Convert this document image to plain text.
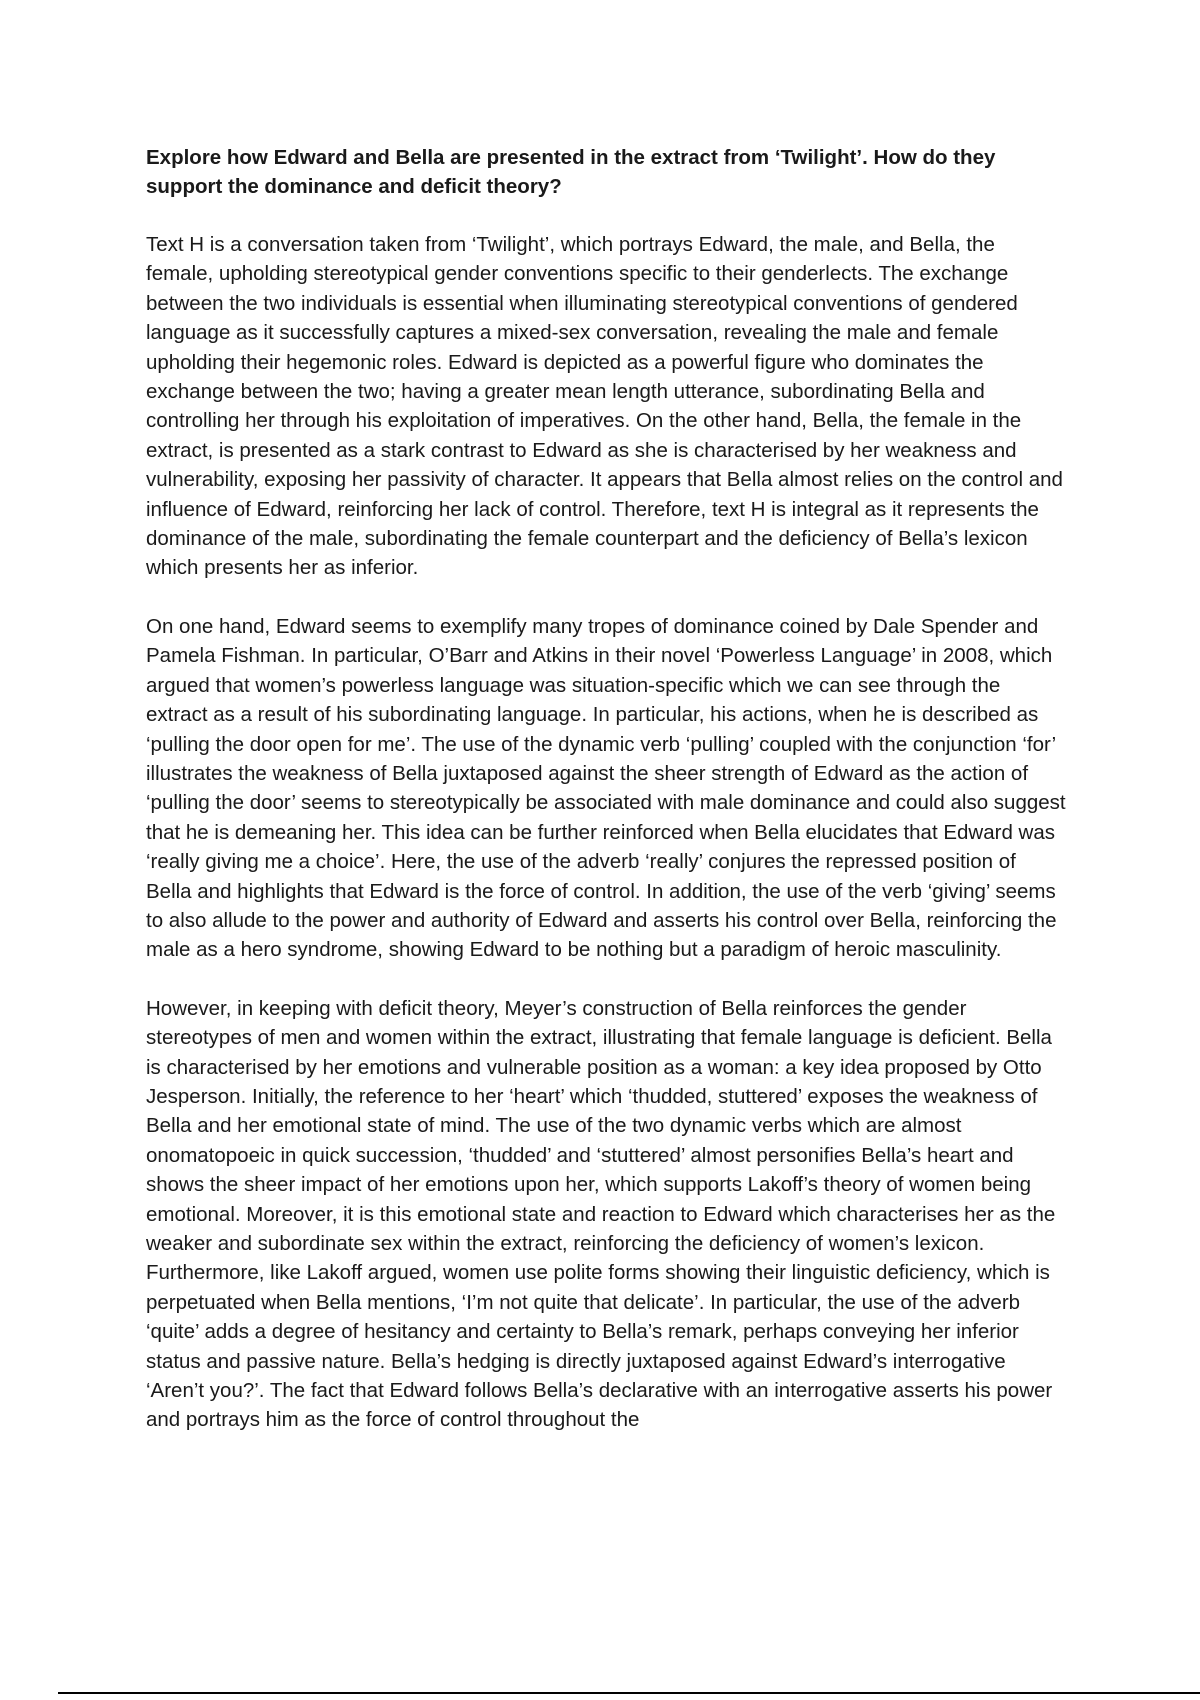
Explore how Edward and Bella are presented in the extract from ‘Twilight’. How do they support the dominance and deficit theory?

Text H is a conversation taken from ‘Twilight’, which portrays Edward, the male, and Bella, the female, upholding stereotypical gender conventions specific to their genderlects. The exchange between the two individuals is essential when illuminating stereotypical conventions of gendered language as it successfully captures a mixed-sex conversation, revealing the male and female upholding their hegemonic roles. Edward is depicted as a powerful figure who dominates the exchange between the two; having a greater mean length utterance, subordinating Bella and controlling her through his exploitation of imperatives. On the other hand, Bella, the female in the extract, is presented as a stark contrast to Edward as she is characterised by her weakness and vulnerability, exposing her passivity of character. It appears that Bella almost relies on the control and influence of Edward, reinforcing her lack of control. Therefore, text H is integral as it represents the dominance of the male, subordinating the female counterpart and the deficiency of Bella’s lexicon which presents her as inferior.

On one hand, Edward seems to exemplify many tropes of dominance coined by Dale Spender and Pamela Fishman. In particular, O’Barr and Atkins in their novel ‘Powerless Language’ in 2008, which argued that women’s powerless language was situation-specific which we can see through the extract as a result of his subordinating language. In particular, his actions, when he is described as ‘pulling the door open for me’. The use of the dynamic verb ‘pulling’ coupled with the conjunction ‘for’ illustrates the weakness of Bella juxtaposed against the sheer strength of Edward as the action of ‘pulling the door’ seems to stereotypically be associated with male dominance and could also suggest that he is demeaning her. This idea can be further reinforced when Bella elucidates that Edward was ‘really giving me a choice’. Here, the use of the adverb ‘really’ conjures the repressed position of Bella and highlights that Edward is the force of control. In addition, the use of the verb ‘giving’ seems to also allude to the power and authority of Edward and asserts his control over Bella, reinforcing the male as a hero syndrome, showing Edward to be nothing but a paradigm of heroic masculinity.

However, in keeping with deficit theory, Meyer’s construction of Bella reinforces the gender stereotypes of men and women within the extract, illustrating that female language is deficient. Bella is characterised by her emotions and vulnerable position as a woman: a key idea proposed by Otto Jesperson. Initially, the reference to her ‘heart’ which ‘thudded, stuttered’ exposes the weakness of Bella and her emotional state of mind. The use of the two dynamic verbs which are almost onomatopoeic in quick succession, ‘thudded’ and ‘stuttered’ almost personifies Bella’s heart and shows the sheer impact of her emotions upon her, which supports Lakoff’s theory of women being emotional. Moreover, it is this emotional state and reaction to Edward which characterises her as the weaker and subordinate sex within the extract, reinforcing the deficiency of women’s lexicon. Furthermore, like Lakoff argued, women use polite forms showing their linguistic deficiency, which is perpetuated when Bella mentions, ‘I’m not quite that delicate’. In particular, the use of the adverb ‘quite’ adds a degree of hesitancy and certainty to Bella’s remark, perhaps conveying her inferior status and passive nature. Bella’s hedging is directly juxtaposed against Edward’s interrogative ‘Aren’t you?’. The fact that Edward follows Bella’s declarative with an interrogative asserts his power and portrays him as the force of control throughout the
